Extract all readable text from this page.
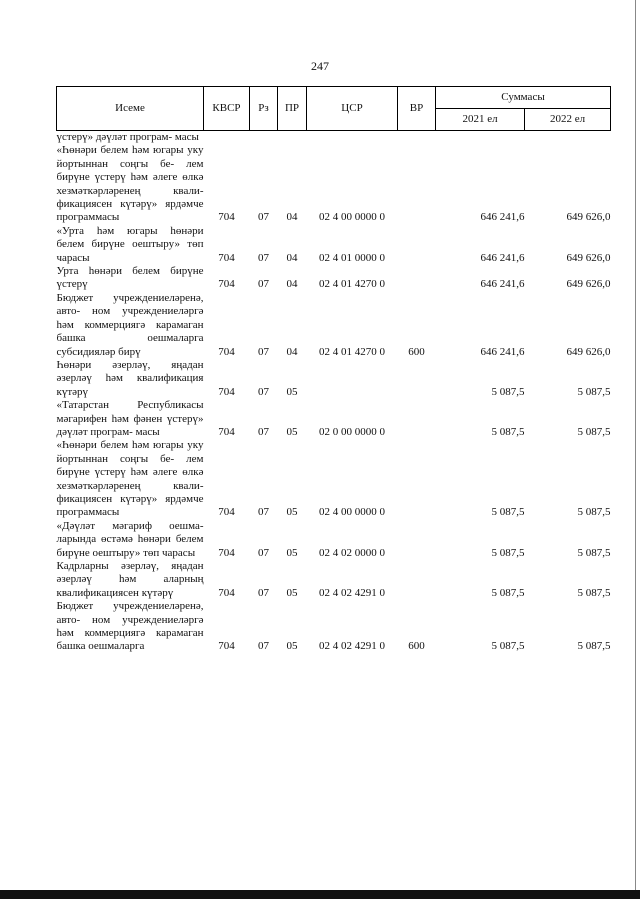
247
Исеме	КВСР	Рз	ПР	ЦСР	ВР	Суммасы	
						2021 ел	2022 ел
үстерү» дәүләт програм- масы							
«Һөнәри белем һәм югары уку йортыннан соңгы бе- лем бирүне үстерү һәм әлеге өлкә хезмәткәрләренең квали- фикациясен күтәрү» ярдәмче программасы	704	07	04	02 4 00 0000 0		646 241,6	649 626,0
«Урта һәм югары һөнәри белем бирүне оештыру» төп чарасы	704	07	04	02 4 01 0000 0		646 241,6	649 626,0
Урта һөнәри белем бирүне үстерү	704	07	04	02 4 01 4270 0		646 241,6	649 626,0
Бюджет учреждениеләренә, авто- ном учреждениеләргә һәм коммерциягә карамаган башка оешмаларга субсидияләр бирү	704	07	04	02 4 01 4270 0	600	646 241,6	649 626,0
Һөнәри әзерләү, яңадан әзерләү һәм квалификация күтәрү	704	07	05			5 087,5	5 087,5
«Татарстан Республикасы мәгарифен һәм фәнен үстерү» дәүләт програм- масы	704	07	05	02 0 00 0000 0		5 087,5	5 087,5
«Һөнәри белем һәм югары уку йортыннан соңгы бе- лем бирүне үстерү һәм әлеге өлкә хезмәткәрләренең квали- фикациясен күтәрү» ярдәмче программасы	704	07	05	02 4 00 0000 0		5 087,5	5 087,5
«Дәүләт мәгариф оешма- ларында өстәмә һөнәри белем бирүне оештыру» төп чарасы	704	07	05	02 4 02 0000 0		5 087,5	5 087,5
Кадрларны әзерләү, яңадан әзерләү һәм аларның квалификациясен күтәрү	704	07	05	02 4 02 4291 0		5 087,5	5 087,5
Бюджет учреждениеләренә, авто- ном учреждениеләргә һәм коммерциягә карамаган башка оешмаларга	704	07	05	02 4 02 4291 0	600	5 087,5	5 087,5
